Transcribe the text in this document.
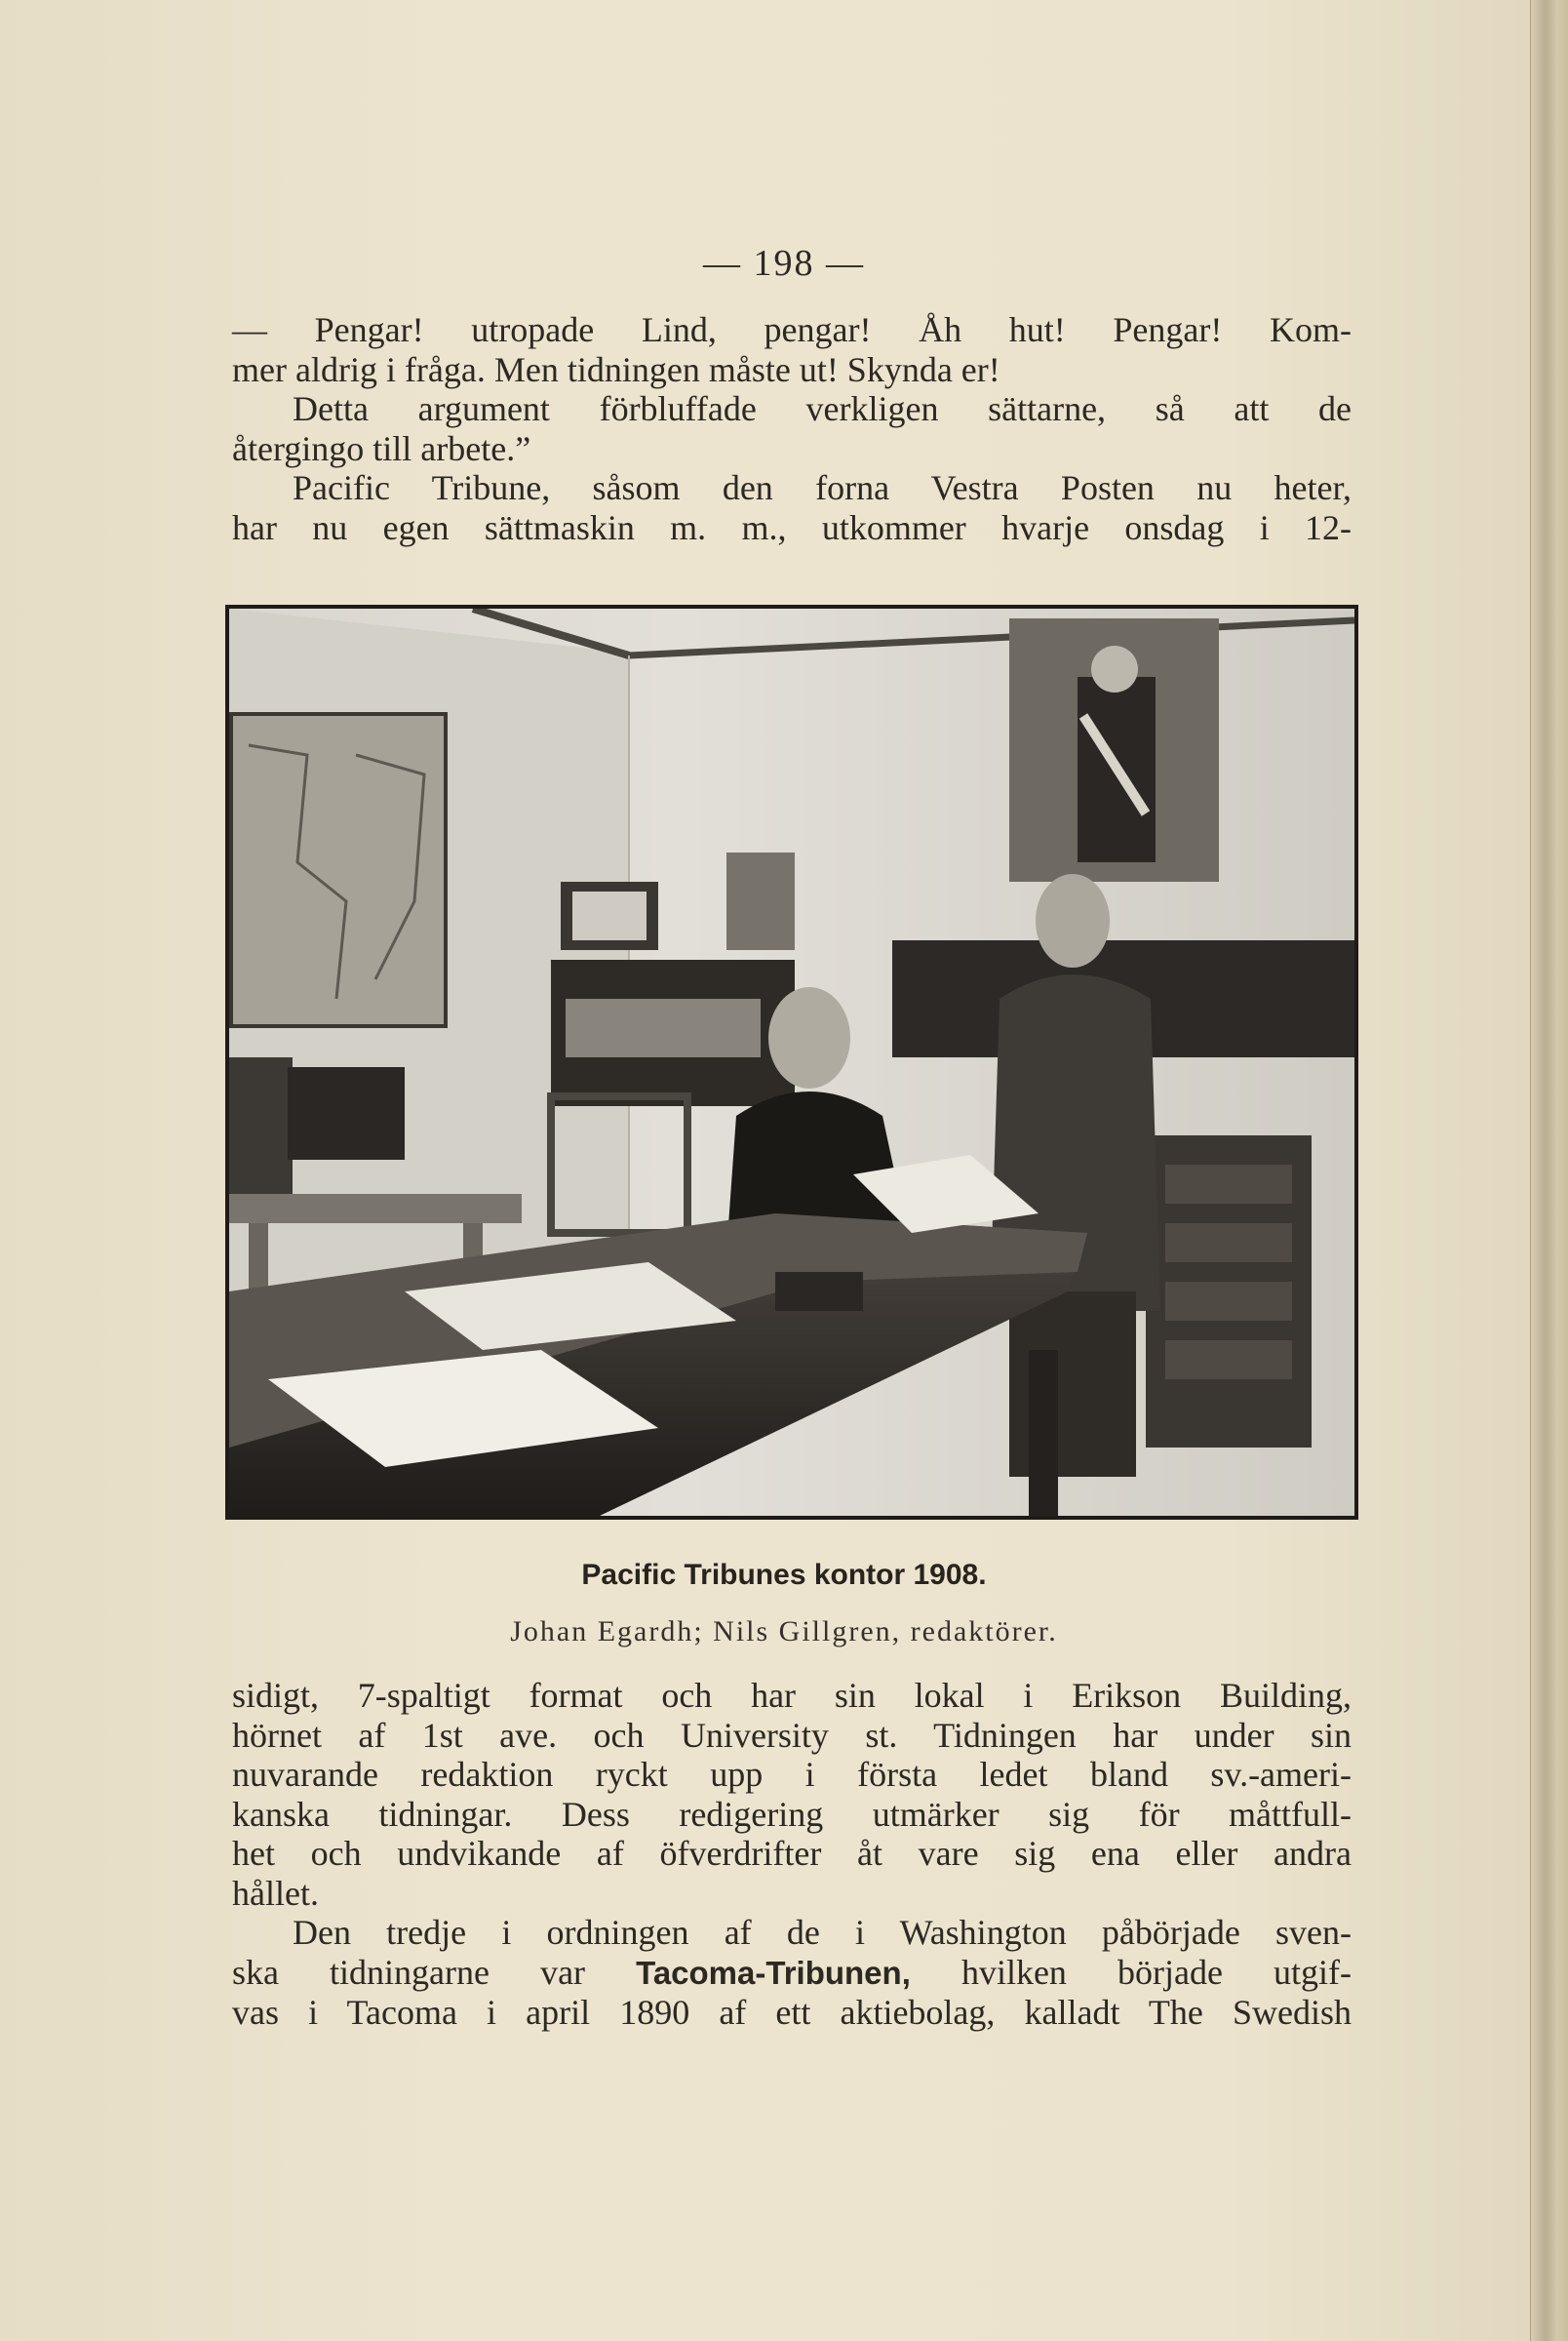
— 198 —
— Pengar! utropade Lind, pengar! Åh hut! Pengar! Kom-
mer aldrig i fråga. Men tidningen måste ut! Skynda er!
Detta argument förbluffade verkligen sättarne, så att de
återgingo till arbete.”
Pacific Tribune, såsom den forna Vestra Posten nu heter,
har nu egen sättmaskin m. m., utkommer hvarje onsdag i 12-
Pacific Tribunes kontor 1908.
Johan Egardh; Nils Gillgren, redaktörer.
sidigt, 7-spaltigt format och har sin lokal i Erikson Building,
hörnet af 1st ave. och University st. Tidningen har under sin
nuvarande redaktion ryckt upp i första ledet bland sv.-ameri-
kanska tidningar. Dess redigering utmärker sig för måttfull-
het och undvikande af öfverdrifter åt vare sig ena eller andra
hållet.
Den tredje i ordningen af de i Washington påbörjade sven-
ska tidningarne var Tacoma-Tribunen, hvilken började utgif-
vas i Tacoma i april 1890 af ett aktiebolag, kalladt The Swedish
